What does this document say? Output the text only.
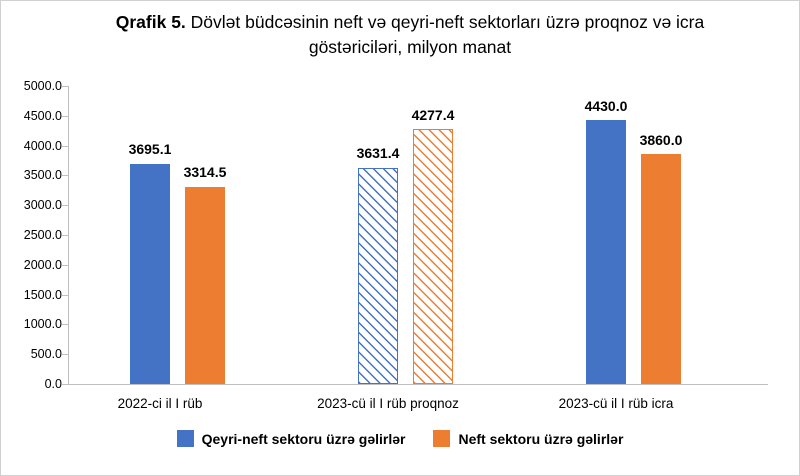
Qrafik 5. Dövlət büdcəsinin neft və qeyri-neft sektorları üzrə proqnoz və icra göstəriciləri, milyon manat
0.0
500.0
1000.0
1500.0
2000.0
2500.0
3000.0
3500.0
4000.0
4500.0
5000.0
3695.1
3314.5
3631.4
4277.4
4430.0
3860.0
2022-ci il I rüb	2023-cü il I rüb proqnoz	2023-cü il I rüb icra
Qeyri-neft sektoru üzrə gəlirlər	Neft sektoru üzrə gəlirlər
